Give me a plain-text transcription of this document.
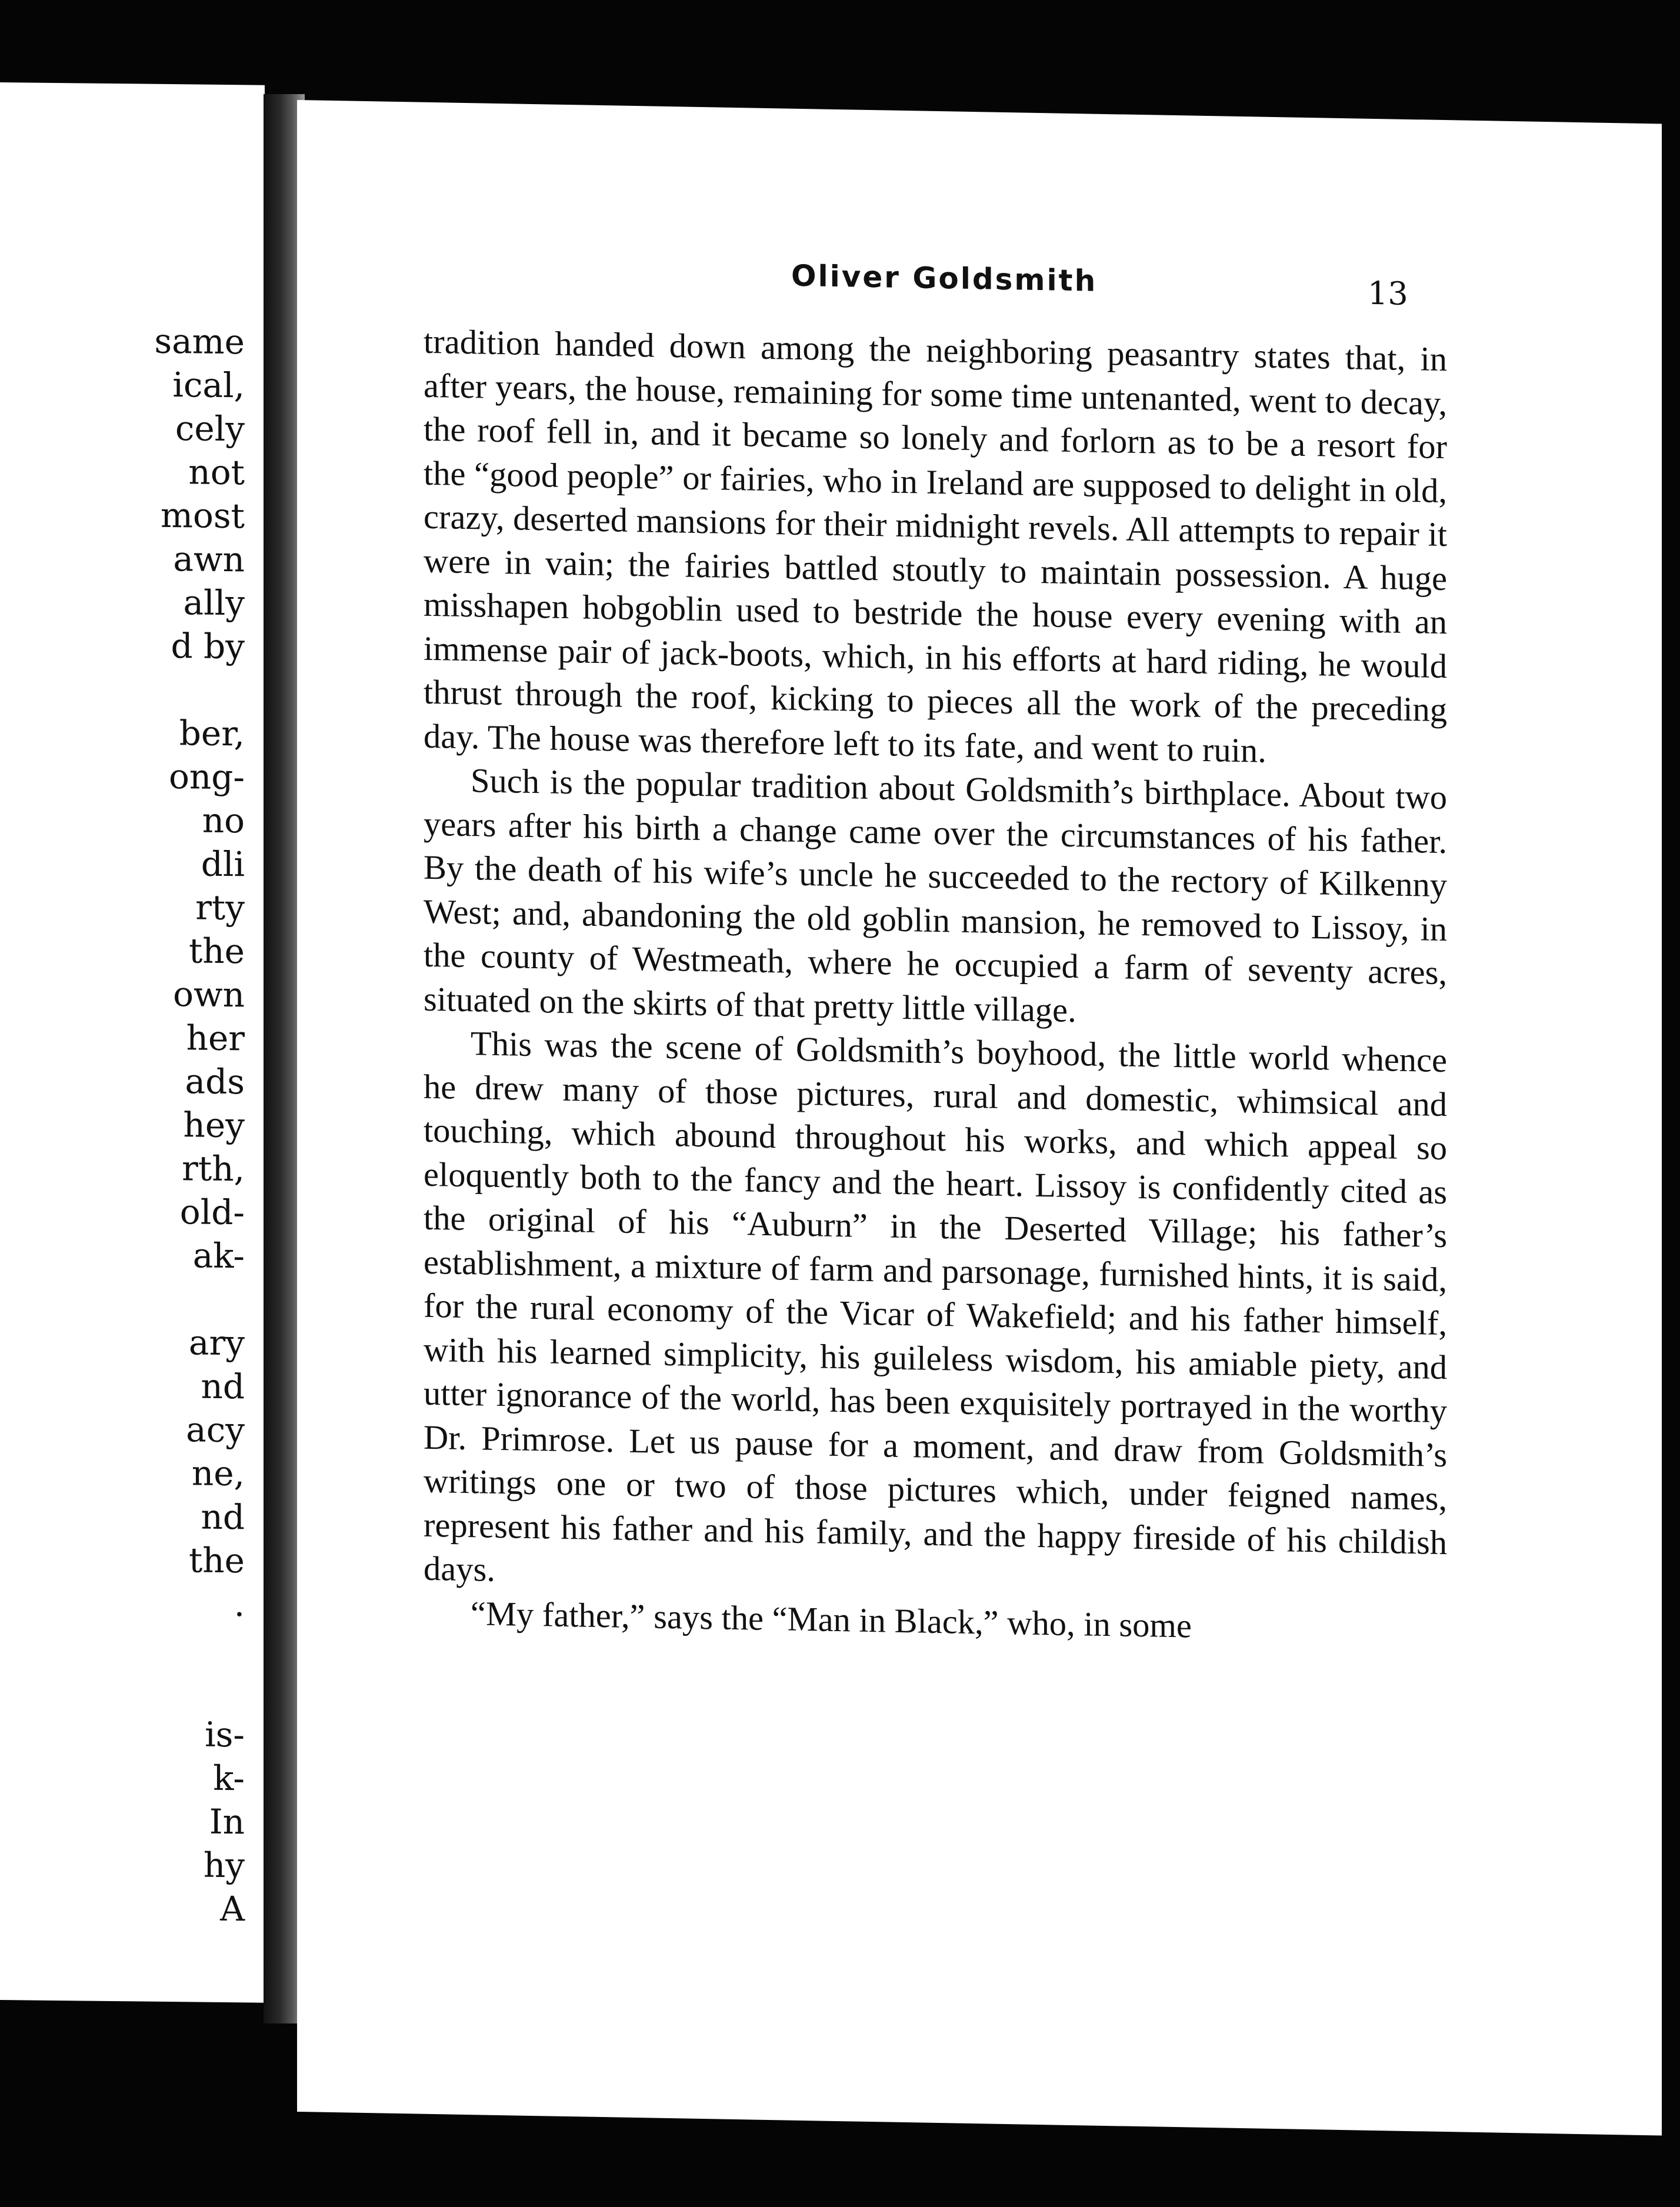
same
ical,
cely
not
most
awn
ally
d by
ber,
ong-
no
dli
rty
the
own
her
ads
hey
rth,
old-
ak-
ary
nd
acy
ne,
nd
the
.
is-
k-
In
hy
A
Oliver Goldsmith	13

tradition handed down among the neighboring peasantry states that, in after years, the house, remaining for some time untenanted, went to decay, the roof fell in, and it became so lonely and forlorn as to be a resort for the “good people” or fairies, who in Ireland are supposed to delight in old, crazy, deserted mansions for their midnight revels. All attempts to repair it were in vain; the fairies battled stoutly to maintain possession. A huge misshapen hobgoblin used to bestride the house every evening with an immense pair of jack-boots, which, in his efforts at hard riding, he would thrust through the roof, kicking to pieces all the work of the preceding day. The house was therefore left to its fate, and went to ruin.

Such is the popular tradition about Goldsmith’s birthplace. About two years after his birth a change came over the circumstances of his father. By the death of his wife’s uncle he succeeded to the rectory of Kilkenny West; and, abandoning the old goblin mansion, he removed to Lissoy, in the county of Westmeath, where he occupied a farm of seventy acres, situated on the skirts of that pretty little village.

This was the scene of Goldsmith’s boyhood, the little world whence he drew many of those pictures, rural and domestic, whimsical and touching, which abound throughout his works, and which appeal so eloquently both to the fancy and the heart. Lissoy is confidently cited as the original of his “Auburn” in the Deserted Village; his father’s establishment, a mixture of farm and parsonage, furnished hints, it is said, for the rural economy of the Vicar of Wakefield; and his father himself, with his learned simplicity, his guileless wisdom, his amiable piety, and utter ignorance of the world, has been exquisitely portrayed in the worthy Dr. Primrose. Let us pause for a moment, and draw from Goldsmith’s writings one or two of those pictures which, under feigned names, represent his father and his family, and the happy fireside of his childish days.

“My father,” says the “Man in Black,” who, in some
